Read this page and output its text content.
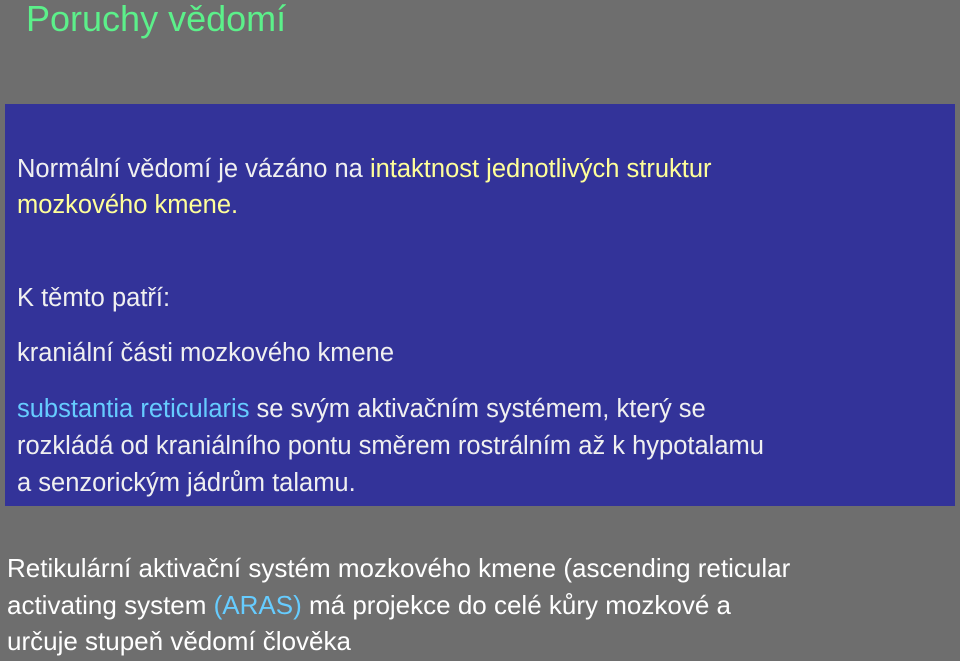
Poruchy vědomí

Normální vědomí je vázáno na intaktnost jednotlivých struktur

mozkového kmene.

K těmto patří:

kraniální části mozkového kmene

substantia reticularis se svým aktivačním systémem, který se

rozkládá od kraniálního pontu směrem rostrálním až k hypotalamu

a senzorickým jádrům talamu.

Retikulární aktivační systém mozkového kmene (ascending reticular

activating system (ARAS) má projekce do celé kůry mozkové a

určuje stupeň vědomí člověka
